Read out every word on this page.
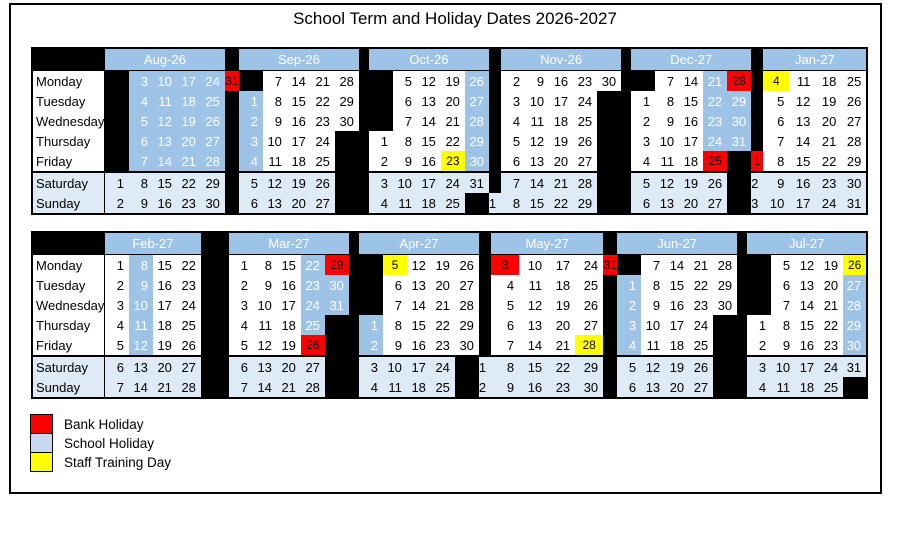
School Term and Holiday Dates 2026-2027
	Aug-26						Sep-26						Oct-26						Nov-26						Dec-27						Jan-27			
Monday		3	10	17	24	31		7	14	21	28			5	12	19	26		2	9	16	23	30			7	14	21	28		4	11	18	25
Tuesday		4	11	18	25		1	8	15	22	29			6	13	20	27		3	10	17	24			1	8	15	22	29		5	12	19	26
Wednesday		5	12	19	26		2	9	16	23	30			7	14	21	28		4	11	18	25			2	9	16	23	30		6	13	20	27
Thursday		6	13	20	27		3	10	17	24			1	8	15	22	29		5	12	19	26			3	10	17	24	31		7	14	21	28
Friday		7	14	21	28		4	11	18	25			2	9	16	23	30		6	13	20	27			4	11	18	25		1	8	15	22	29
Saturday	1	8	15	22	29		5	12	19	26			3	10	17	24	31		7	14	21	28			5	12	19	26		2	9	16	23	30
Sunday	2	9	16	23	30		6	13	20	27			4	11	18	25		1	8	15	22	29			6	13	20	27		3	10	17	24	31
	Feb-27					Mar-27						Apr-27						May-27					Jun-27						Jul-27				
Monday	1	8	15	22		1	8	15	22	29			5	12	19	26		3	10	17	24	31		7	14	21	28			5	12	19	26
Tuesday	2	9	16	23		2	9	16	23	30			6	13	20	27		4	11	18	25		1	8	15	22	29			6	13	20	27
Wednesday	3	10	17	24		3	10	17	24	31			7	14	21	28		5	12	19	26		2	9	16	23	30			7	14	21	28
Thursday	4	11	18	25		4	11	18	25			1	8	15	22	29		6	13	20	27		3	10	17	24			1	8	15	22	29
Friday	5	12	19	26		5	12	19	26			2	9	16	23	30		7	14	21	28		4	11	18	25			2	9	16	23	30
Saturday	6	13	20	27		6	13	20	27			3	10	17	24		1	8	15	22	29		5	12	19	26			3	10	17	24	31
Sunday	7	14	21	28		7	14	21	28			4	11	18	25		2	9	16	23	30		6	13	20	27			4	11	18	25	
Bank Holiday
School Holiday
Staff Training Day
